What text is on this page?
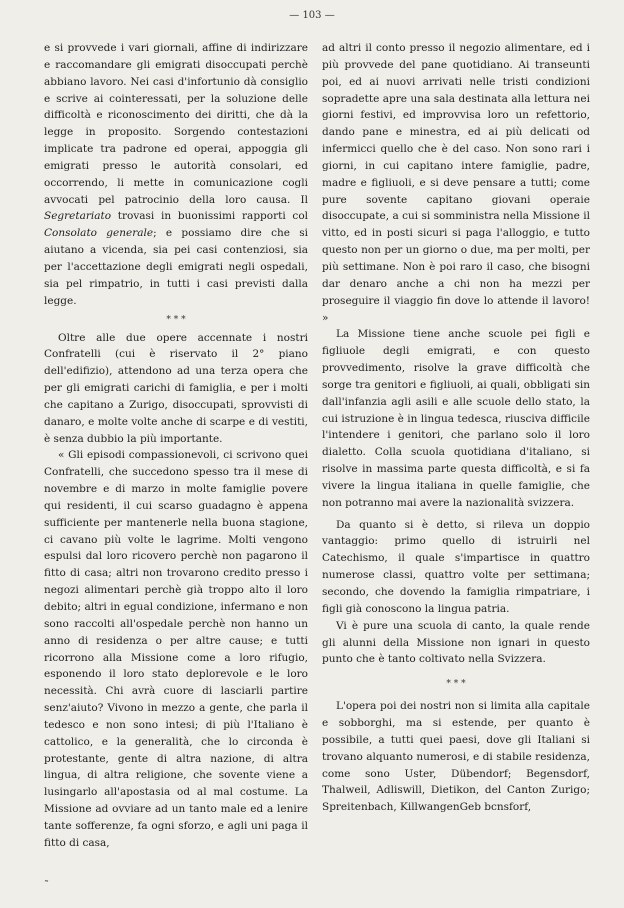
— 103 —

e si provvede i vari giornali, affine di indirizzare e raccomandare gli emigrati disoccupati perchè abbiano lavoro. Nei casi d'infortunio dà consiglio e scrive ai cointeressati, per la soluzione delle difficoltà e riconoscimento dei diritti, che dà la legge in proposito. Sorgendo contestazioni implicate tra padrone ed operai, appoggia gli emigrati presso le autorità consolari, ed occorrendo, li mette in comunicazione cogli avvocati pel patrocinio della loro causa. Il Segretariato trovasi in buonissimi rapporti col Consolato generale; e possiamo dire che si aiutano a vicenda, sia pei casi contenziosi, sia per l'accettazione degli emigrati negli ospedali, sia pel rimpatrio, in tutti i casi previsti dalla legge.

* * *

Oltre alle due opere accennate i nostri Confratelli (cui è riservato il 2° piano dell'edifizio), attendono ad una terza opera che per gli emigrati carichi di famiglia, e per i molti che capitano a Zurigo, disoccupati, sprovvisti di danaro, e molte volte anche di scarpe e di vestiti, è senza dubbio la più importante.

« Gli episodi compassionevoli, ci scrivono quei Confratelli, che succedono spesso tra il mese di novembre e di marzo in molte famiglie povere qui residenti, il cui scarso guadagno è appena sufficiente per mantenerle nella buona stagione, ci cavano più volte le lagrime. Molti vengono espulsi dal loro ricovero perchè non pagarono il fitto di casa; altri non trovarono credito presso i negozi alimentari perchè già troppo alto il loro debito; altri in egual condizione, infermano e non sono raccolti all'ospedale perchè non hanno un anno di residenza o per altre cause; e tutti ricorrono alla Missione come a loro rifugio, esponendo il loro stato deplorevole e le loro necessità. Chi avrà cuore di lasciarli partire senz'aiuto? Vivono in mezzo a gente, che parla il tedesco e non sono intesi; di più l'Italiano è cattolico, e la generalità, che lo circonda è protestante, gente di altra nazione, di altra lingua, di altra religione, che sovente viene a lusingarlo all'apostasia od al mal costume. La Missione ad ovviare ad un tanto male ed a lenire tante sofferenze, fa ogni sforzo, e agli uni paga il fitto di casa,

ad altri il conto presso il negozio alimentare, ed i più provvede del pane quotidiano. Ai transeunti poi, ed ai nuovi arrivati nelle tristi condizioni sopradette apre una sala destinata alla lettura nei giorni festivi, ed improvvisa loro un refettorio, dando pane e minestra, ed ai più delicati od infermicci quello che è del caso. Non sono rari i giorni, in cui capitano intere famiglie, padre, madre e figliuoli, e si deve pensare a tutti; come pure sovente capitano giovani operaie disoccupate, a cui si somministra nella Missione il vitto, ed in posti sicuri si paga l'alloggio, e tutto questo non per un giorno o due, ma per molti, per più settimane. Non è poi raro il caso, che bisogni dar denaro anche a chi non ha mezzi per proseguire il viaggio fin dove lo attende il lavoro! »

La Missione tiene anche scuole pei figli e figliuole degli emigrati, e con questo provvedimento, risolve la grave difficoltà che sorge tra genitori e figliuoli, ai quali, obbligati sin dall'infanzia agli asili e alle scuole dello stato, la cui istruzione è in lingua tedesca, riusciva difficile l'intendere i genitori, che parlano solo il loro dialetto. Colla scuola quotidiana d'italiano, si risolve in massima parte questa difficoltà, e si fa vivere la lingua italiana in quelle famiglie, che non potranno mai avere la nazionalità svizzera.

Da quanto si è detto, si rileva un doppio vantaggio: primo quello di istruirli nel Catechismo, il quale s'impartisce in quattro numerose classi, quattro volte per settimana; secondo, che dovendo la famiglia rimpatriare, i figli già conoscono la lingua patria.

Vi è pure una scuola di canto, la quale rende gli alunni della Missione non ignari in questo punto che è tanto coltivato nella Svizzera.

* * *

L'opera poi dei nostri non si limita alla capitale e sobborghi, ma si estende, per quanto è possibile, a tutti quei paesi, dove gli Italiani si trovano alquanto numerosi, e di stabile residenza, come sono Uster, Dübendorf; Begensdorf, Thalweil, Adliswill, Dietikon, del Canton Zurigo; Spreitenbach, KillwangenGeb bcnsforf,

˜
